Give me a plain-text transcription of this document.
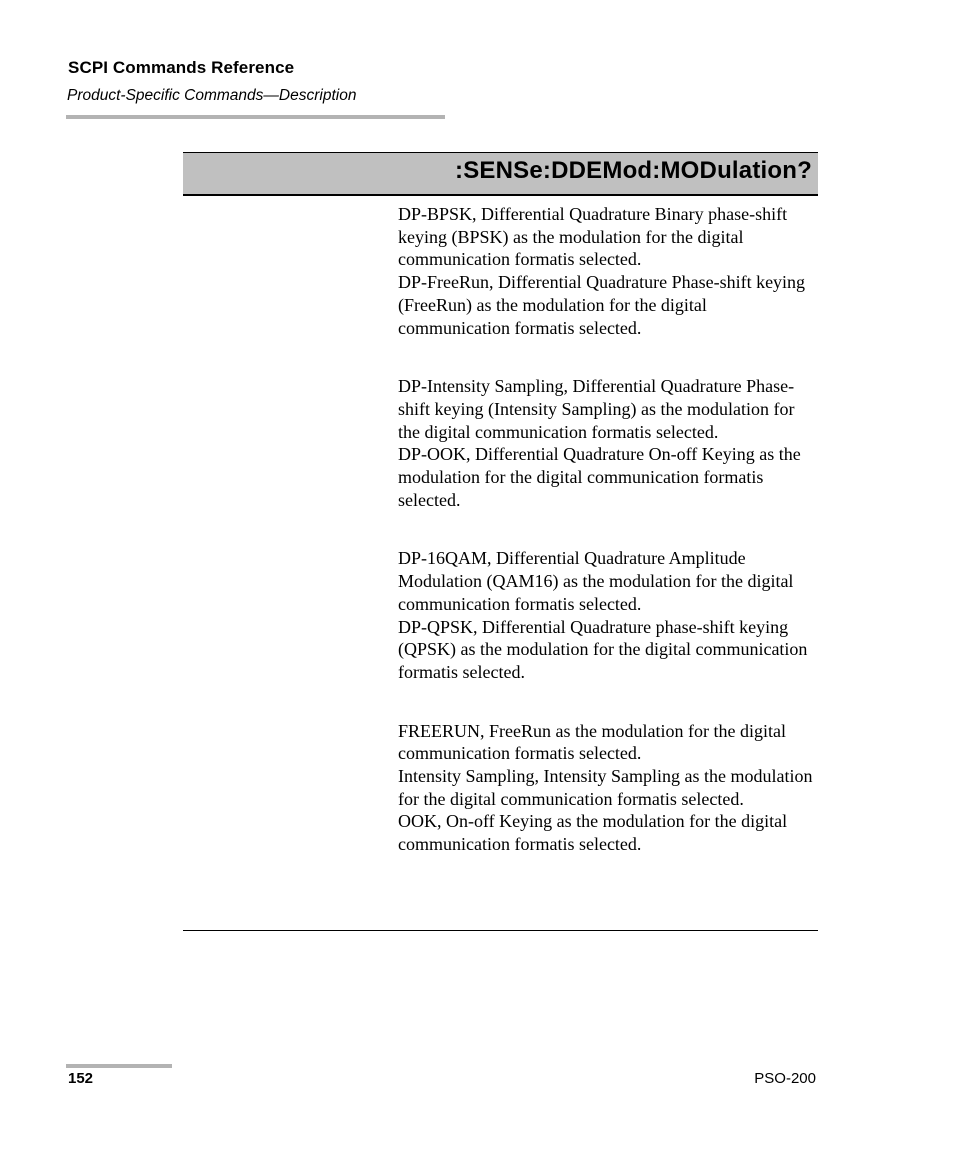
SCPI Commands Reference
Product-Specific Commands—Description
:SENSe:DDEMod:MODulation?

DP-BPSK, Differential Quadrature Binary phase-shift keying (BPSK) as the modulation for the digital communication formatis selected.

DP-FreeRun, Differential Quadrature Phase-shift keying (FreeRun) as the modulation for the digital communication formatis selected.

DP-Intensity Sampling, Differential Quadrature Phase-shift keying (Intensity Sampling) as the modulation for the digital communication formatis selected.

DP-OOK, Differential Quadrature On-off Keying as the modulation for the digital communication formatis selected.

DP-16QAM, Differential Quadrature Amplitude Modulation (QAM16) as the modulation for the digital communication formatis selected.

DP-QPSK, Differential Quadrature phase-shift keying (QPSK) as the modulation for the digital communication formatis selected.

FREERUN, FreeRun as the modulation for the digital communication formatis selected.

Intensity Sampling, Intensity Sampling as the modulation for the digital communication formatis selected.

OOK, On-off Keying as the modulation for the digital communication formatis selected.

152	PSO-200
